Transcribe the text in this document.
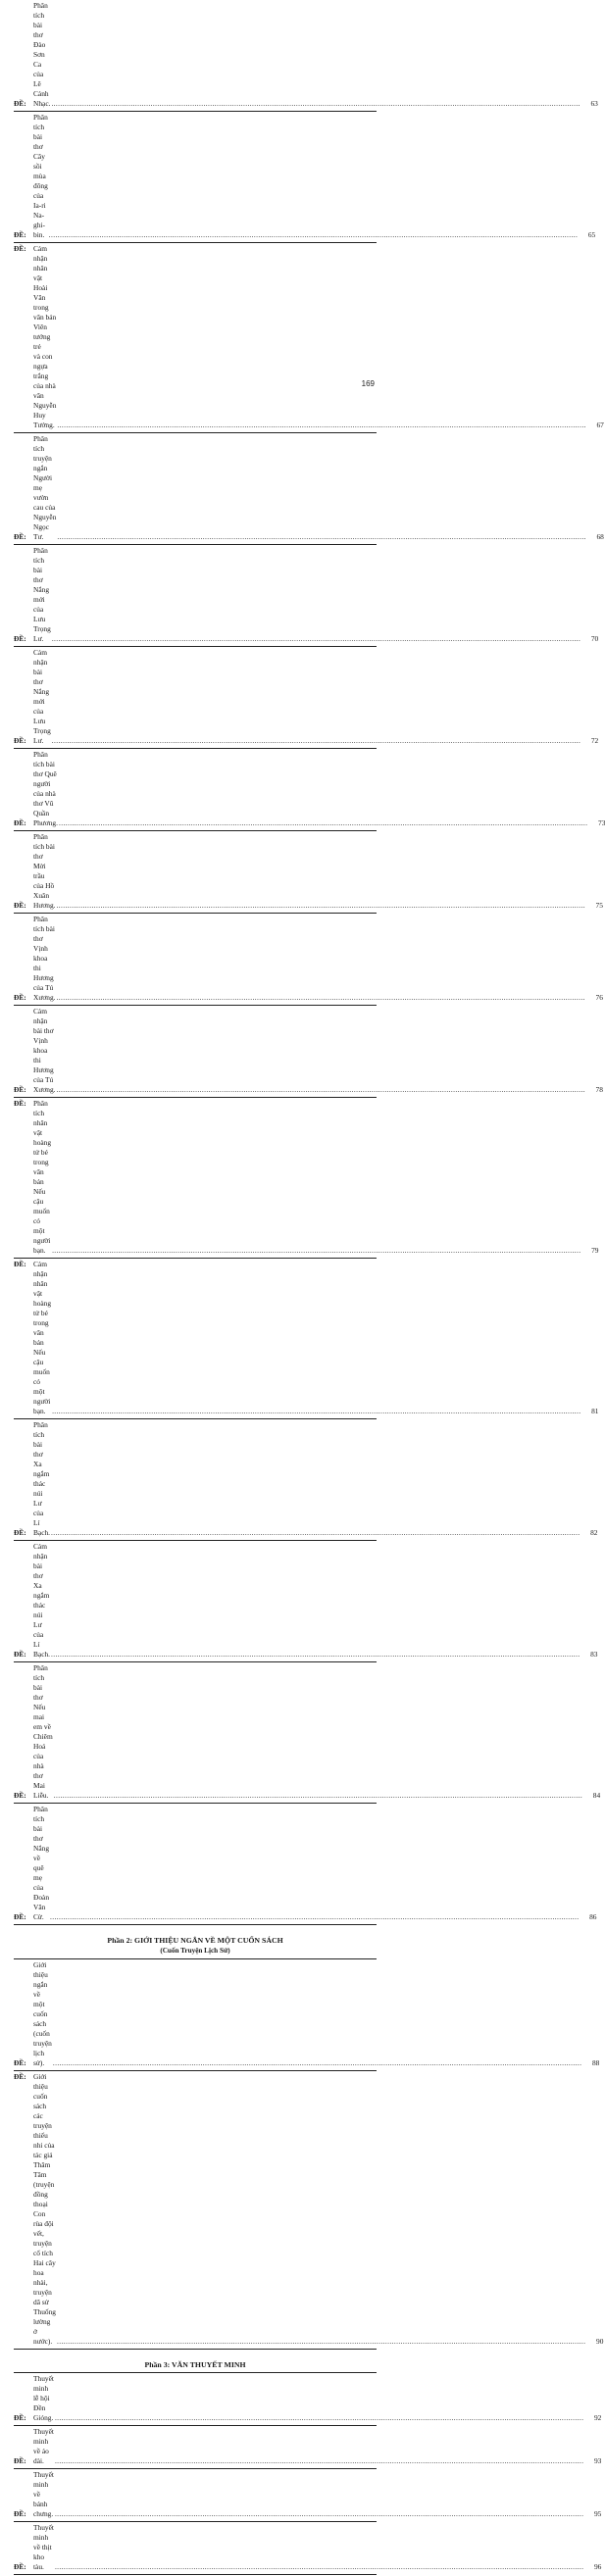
ĐỀ:
Phân tích bài thơ Đào Sơn Ca của Lê Cảnh Nhạc. .....	63
ĐỀ:
Phân tích bài thơ Cây sồi mùa đông của Ia-ri Na-ghi-bin. .....	65
ĐỀ: Cảm nhận nhân vật Hoài Văn trong văn bản Viên tướng trẻ
và con ngựa trắng của nhà văn Nguyễn Huy Tưởng. .....	67
ĐỀ:
Phân tích truyện ngắn Người mẹ vườn cau của Nguyễn Ngọc Tư. .....	68
ĐỀ:
Phân tích bài thơ Nắng mới của Lưu Trọng Lư. .....	70
ĐỀ:
Cảm nhận bài thơ Nắng mới của Lưu Trọng Lư. .....	72
ĐỀ:
Phân tích bài thơ Quê người của nhà thơ Vũ Quần Phương. .....	73
ĐỀ:
Phân tích bài thơ Mời trầu của Hồ Xuân Hương. .....	75
ĐỀ:
Phân tích bài thơ Vịnh khoa thi Hương của Tú Xương. .....	76
ĐỀ:
Cảm nhận bài thơ Vịnh khoa thi Hương của Tú Xương. .....	78
ĐỀ: Phân tích nhân vật hoàng tử bé trong văn bản Nếu cậu muốn có
một người bạn. .....	79
ĐỀ: Cảm nhận nhân vật hoàng tử bé trong văn bản Nếu cậu muốn có
một người bạn. .....	81
ĐỀ:
Phân tích bài thơ Xa ngắm thác núi Lư của Lí Bạch. .....	82
ĐỀ:
Cảm nhận bài thơ Xa ngắm thác núi Lư của Lí Bạch. .....	83
ĐỀ:
Phân tích bài thơ Nếu mai em về Chiêm Hoá của nhà thơ Mai Liễu. .....	84
ĐỀ:
Phân tích bài thơ Nắng về quê mẹ của Đoàn Văn Cừ. .....	86
Phần 2: GIỚI THIỆU NGẮN VỀ MỘT CUỐN SÁCH
(Cuốn Truyện Lịch Sử)
ĐỀ:
Giới thiệu ngắn về một cuốn sách (cuốn truyện lịch sử). .....	88
ĐỀ: Giới thiệu cuốn sách các truyện thiếu nhi của tác giả Thâm Tâm
(truyện đồng thoại Con rùa đội vết, truyện cổ tích Hai cây hoa nhài,
truyện dã sử Thuống lường ở nước). .....	90
Phần 3: VĂN THUYẾT MINH
ĐỀ:
Thuyết minh lễ hội Đền Gióng. .....	92
ĐỀ:
Thuyết minh về áo dài. .....	93
ĐỀ:
Thuyết minh về bánh chưng. .....	95
ĐỀ:
Thuyết minh về thịt kho tàu. .....	96
169
